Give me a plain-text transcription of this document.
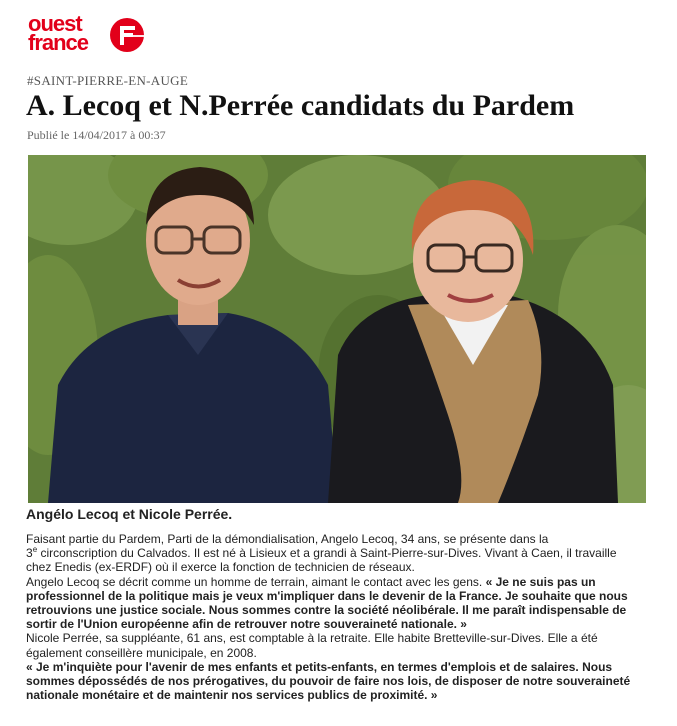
ouest
france
#SAINT-PIERRE-EN-AUGE
A. Lecoq et N.Perrée candidats du Pardem
Publié le 14/04/2017 à 00:37
Angélo Lecoq et Nicole Perrée.

Faisant partie du Pardem, Parti de la démondialisation, Angelo Lecoq, 34 ans, se présente dans la
3e circonscription du Calvados. Il est né à Lisieux et a grandi à Saint-Pierre-sur-Dives. Vivant à Caen, il travaille
chez Enedis (ex-ERDF) où il exerce la fonction de technicien de réseaux.

Angelo Lecoq se décrit comme un homme de terrain, aimant le contact avec les gens. « Je ne suis pas un
professionnel de la politique mais je veux m'impliquer dans le devenir de la France. Je souhaite que nous
retrouvions une justice sociale. Nous sommes contre la société néolibérale. Il me paraît indispensable de
sortir de l'Union européenne afin de retrouver notre souveraineté nationale. »

Nicole Perrée, sa suppléante, 61 ans, est comptable à la retraite. Elle habite Bretteville-sur-Dives. Elle a été
également conseillère municipale, en 2008.

« Je m'inquiète pour l'avenir de mes enfants et petits-enfants, en termes d'emplois et de salaires. Nous
sommes dépossédés de nos prérogatives, du pouvoir de faire nos lois, de disposer de notre souveraineté
nationale monétaire et de maintenir nos services publics de proximité. »
